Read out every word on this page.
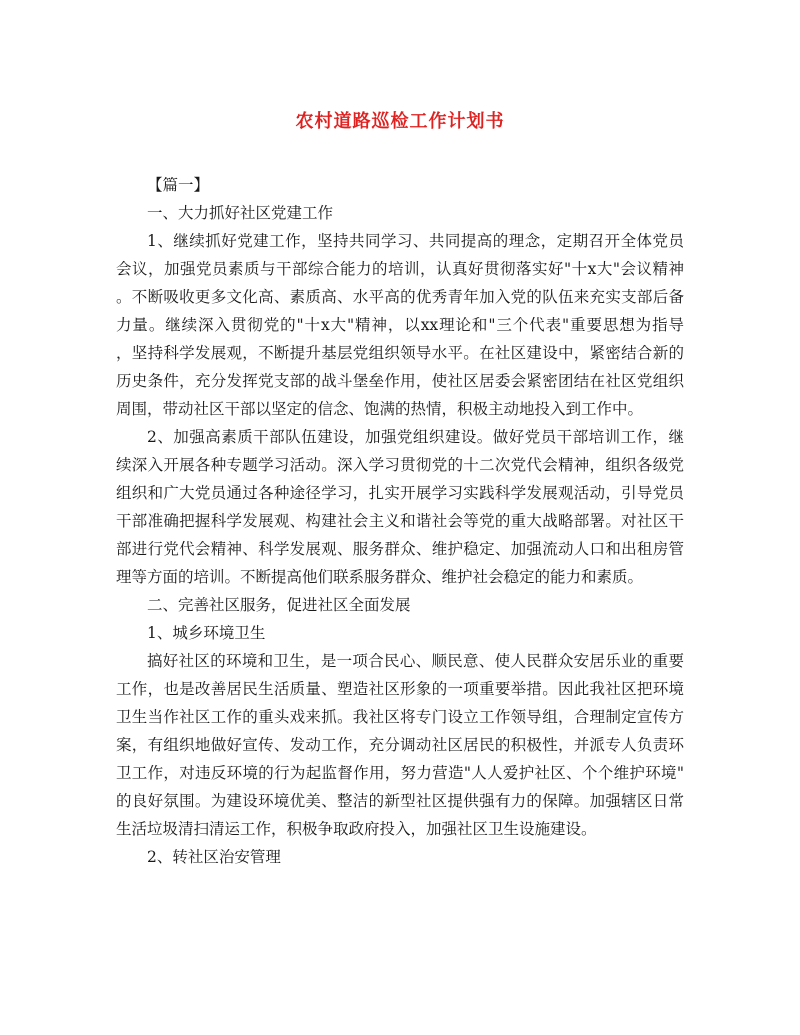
农村道路巡检工作计划书
【篇一】
一、大力抓好社区党建工作
1、继续抓好党建工作，坚持共同学习、共同提高的理念，定期召开全体党员
会议，加强党员素质与干部综合能力的培训，认真好贯彻落实好"十x大"会议精神
。不断吸收更多文化高、素质高、水平高的优秀青年加入党的队伍来充实支部后备
力量。继续深入贯彻党的"十x大"精神，以xx理论和"三个代表"重要思想为指导
，坚持科学发展观，不断提升基层党组织领导水平。在社区建设中，紧密结合新的
历史条件，充分发挥党支部的战斗堡垒作用，使社区居委会紧密团结在社区党组织
周围，带动社区干部以坚定的信念、饱满的热情，积极主动地投入到工作中。
2、加强高素质干部队伍建设，加强党组织建设。做好党员干部培训工作，继
续深入开展各种专题学习活动。深入学习贯彻党的十二次党代会精神，组织各级党
组织和广大党员通过各种途径学习，扎实开展学习实践科学发展观活动，引导党员
干部准确把握科学发展观、构建社会主义和谐社会等党的重大战略部署。对社区干
部进行党代会精神、科学发展观、服务群众、维护稳定、加强流动人口和出租房管
理等方面的培训。不断提高他们联系服务群众、维护社会稳定的能力和素质。
二、完善社区服务，促进社区全面发展
1、城乡环境卫生
搞好社区的环境和卫生，是一项合民心、顺民意、使人民群众安居乐业的重要
工作，也是改善居民生活质量、塑造社区形象的一项重要举措。因此我社区把环境
卫生当作社区工作的重头戏来抓。我社区将专门设立工作领导组，合理制定宣传方
案，有组织地做好宣传、发动工作，充分调动社区居民的积极性，并派专人负责环
卫工作，对违反环境的行为起监督作用，努力营造"人人爱护社区、个个维护环境"
的良好氛围。为建设环境优美、整洁的新型社区提供强有力的保障。加强辖区日常
生活垃圾清扫清运工作，积极争取政府投入，加强社区卫生设施建设。
2、转社区治安管理
